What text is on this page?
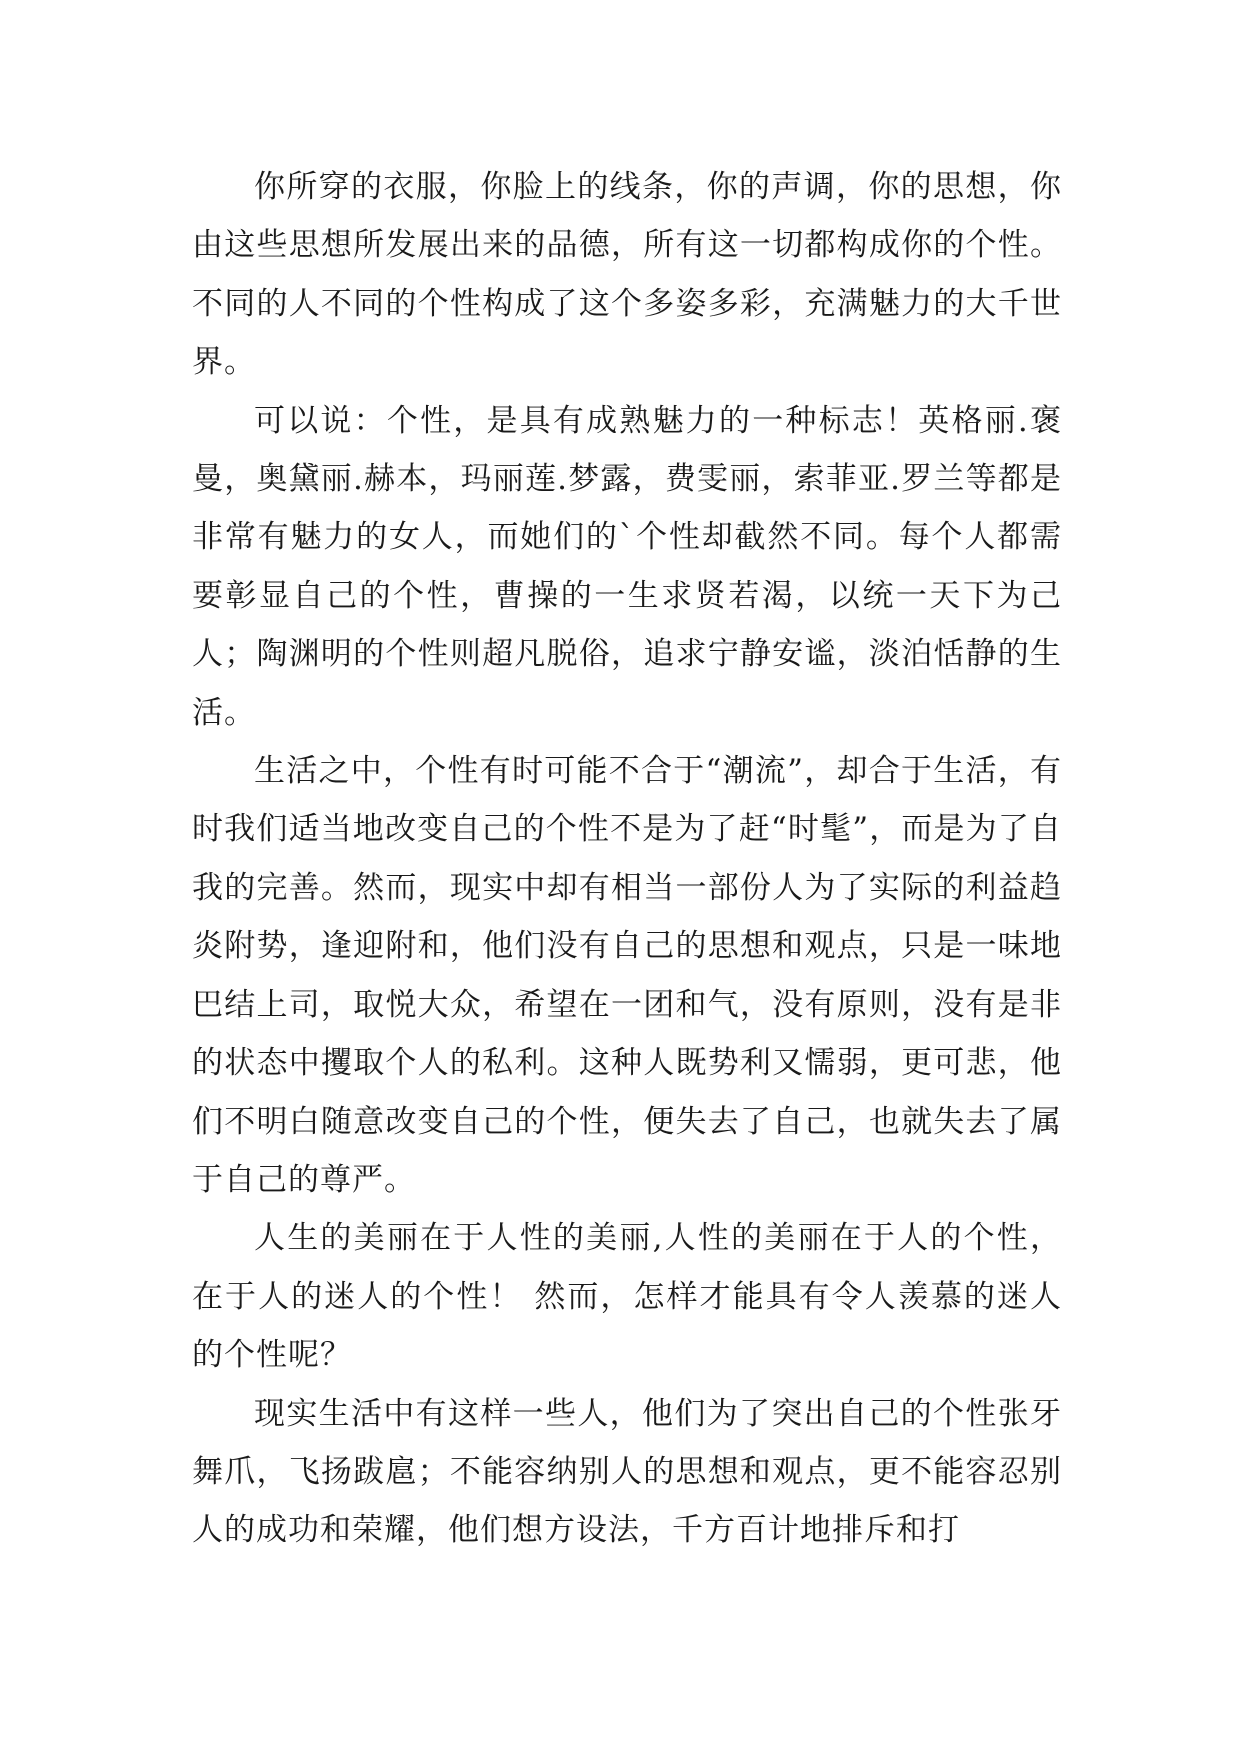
你所穿的衣服，你脸上的线条，你的声调，你的思想，你由这些思想所发展出来的品德，所有这一切都构成你的个性。 不同的人不同的个性构成了这个多姿多彩，充满魅力的大千世界。

可以说：个性，是具有成熟魅力的一种标志！英格丽.褒曼，奥黛丽.赫本，玛丽莲.梦露，费雯丽，索菲亚.罗兰等都是非常有魅力的女人，而她们的`个性却截然不同。每个人都需要彰显自己的个性，曹操的一生求贤若渴，以统一天下为己人；陶渊明的个性则超凡脱俗，追求宁静安谧，淡泊恬静的生活。

生活之中，个性有时可能不合于“潮流”，却合于生活，有时我们适当地改变自己的个性不是为了赶“时髦”，而是为了自我的完善。然而，现实中却有相当一部份人为了实际的利益趋炎附势，逢迎附和，他们没有自己的思想和观点，只是一味地巴结上司，取悦大众，希望在一团和气，没有原则，没有是非的状态中攫取个人的私利。这种人既势利又懦弱，更可悲，他们不明白随意改变自己的个性，便失去了自己，也就失去了属于自己的尊严。

人生的美丽在于人性的美丽,人性的美丽在于人的个性，在于人的迷人的个性！ 然而，怎样才能具有令人羡慕的迷人的个性呢？

现实生活中有这样一些人，他们为了突出自己的个性张牙舞爪，飞扬跋扈；不能容纳别人的思想和观点，更不能容忍别人的成功和荣耀，他们想方设法，千方百计地排斥和打
